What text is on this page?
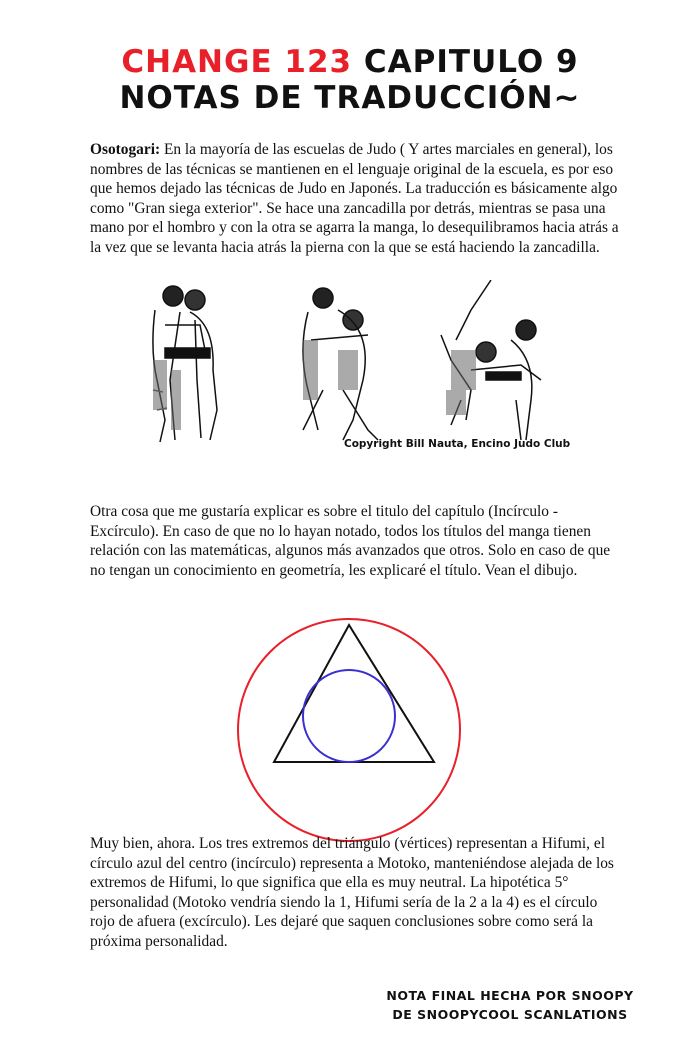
CHANGE 123 CAPITULO 9
NOTAS DE TRADUCCIÓN~
Osotogari: En la mayoría de las escuelas de Judo ( Y artes marciales en general), los nombres de las técnicas se mantienen en el lenguaje original de la escuela, es por eso que hemos dejado las técnicas de Judo en Japonés. La traducción es básicamente algo como "Gran siega exterior". Se hace una zancadilla por detrás, mientras se pasa una mano por el hombro y con la otra se agarra la manga, lo desequilibramos hacia atrás a la vez que se levanta hacia atrás la pierna con la que se está haciendo la zancadilla.
Copyright Bill Nauta, Encino Judo Club
Otra cosa que me gustaría explicar es sobre el titulo del capítulo (Incírculo - Excírculo). En caso de que no lo hayan notado, todos los títulos del manga tienen relación con las matemáticas, algunos más avanzados que otros. Solo en caso de que no tengan un conocimiento en geometría, les explicaré el título. Vean el dibujo.
Muy bien, ahora. Los tres extremos del triángulo (vértices) representan a Hifumi, el círculo azul del centro (incírculo) representa a Motoko, manteniéndose alejada de los extremos de Hifumi, lo que significa que ella es muy neutral. La hipotética 5° personalidad (Motoko vendría siendo la 1, Hifumi sería de la 2 a la 4) es el círculo rojo de afuera (excírculo). Les dejaré que saquen conclusiones sobre como será la próxima personalidad.
NOTA FINAL HECHA POR SNOOPY
DE SNOOPYCOOL SCANLATIONS
